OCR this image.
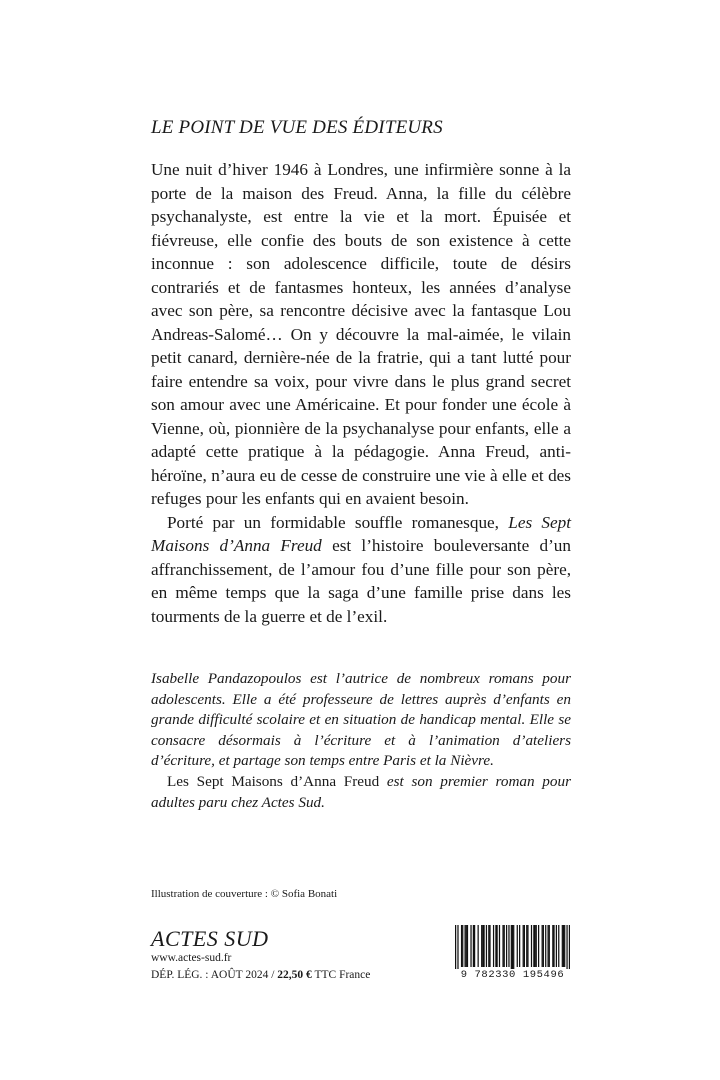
LE POINT DE VUE DES ÉDITEURS

Une nuit d’hiver 1946 à Londres, une infirmière sonne à la porte de la maison des Freud. Anna, la fille du célèbre psychanalyste, est entre la vie et la mort. Épuisée et fiévreuse, elle confie des bouts de son existence à cette inconnue : son adolescence difficile, toute de désirs contrariés et de fantasmes honteux, les années d’analyse avec son père, sa rencontre décisive avec la fantasque Lou Andreas-Salomé… On y découvre la mal-aimée, le vilain petit canard, dernière-née de la fratrie, qui a tant lutté pour faire entendre sa voix, pour vivre dans le plus grand secret son amour avec une Américaine. Et pour fonder une école à Vienne, où, pionnière de la psychanalyse pour enfants, elle a adapté cette pratique à la pédagogie. Anna Freud, anti-héroïne, n’aura eu de cesse de construire une vie à elle et des refuges pour les enfants qui en avaient besoin.

Porté par un formidable souffle romanesque, Les Sept Maisons d’Anna Freud est l’histoire bouleversante d’un affranchissement, de l’amour fou d’une fille pour son père, en même temps que la saga d’une famille prise dans les tourments de la guerre et de l’exil.

Isabelle Pandazopoulos est l’autrice de nombreux romans pour adolescents. Elle a été professeure de lettres auprès d’enfants en grande difficulté scolaire et en situation de handicap mental. Elle se consacre désormais à l’écriture et à l’animation d’ateliers d’écriture, et partage son temps entre Paris et la Nièvre.

Les Sept Maisons d’Anna Freud est son premier roman pour adultes paru chez Actes Sud.

Illustration de couverture : © Sofia Bonati
ACTES SUD
www.actes-sud.fr
DÉP. LÉG. : AOÛT 2024 / 22,50 € TTC France	9 782330 195496
